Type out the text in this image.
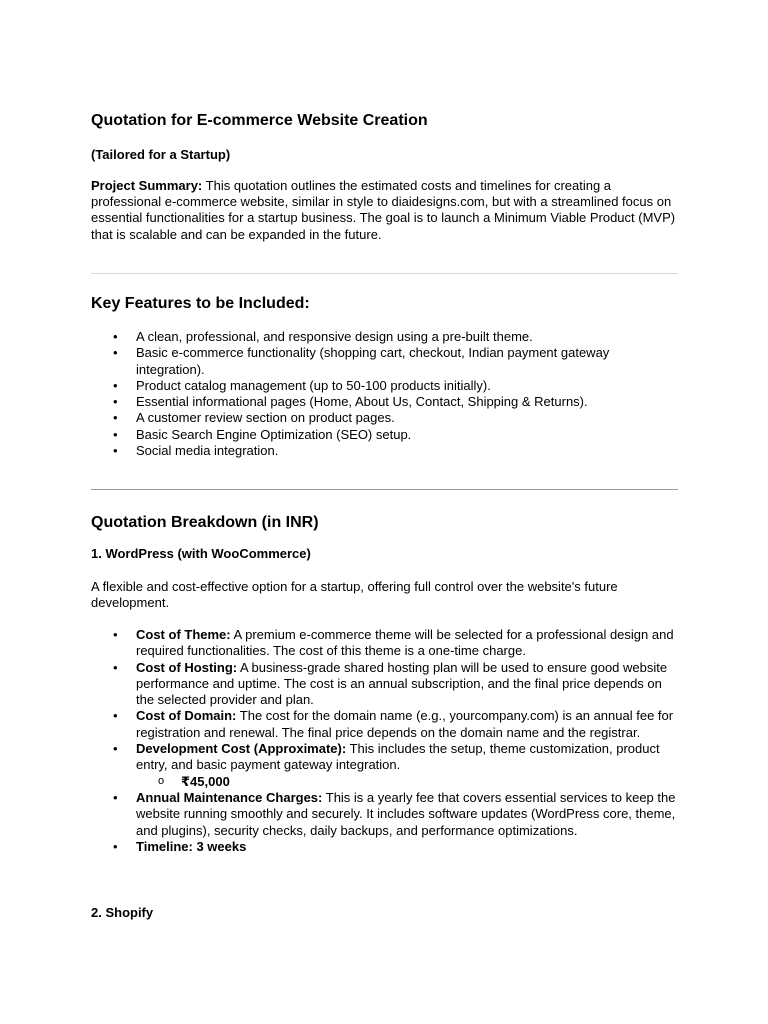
Quotation for E-commerce Website Creation

(Tailored for a Startup)

Project Summary: This quotation outlines the estimated costs and timelines for creating a professional e-commerce website, similar in style to diaidesigns.com, but with a streamlined focus on essential functionalities for a startup business. The goal is to launch a Minimum Viable Product (MVP) that is scalable and can be expanded in the future.

Key Features to be Included:
• A clean, professional, and responsive design using a pre-built theme.
• Basic e-commerce functionality (shopping cart, checkout, Indian payment gateway integration).
• Product catalog management (up to 50-100 products initially).
• Essential informational pages (Home, About Us, Contact, Shipping & Returns).
• A customer review section on product pages.
• Basic Search Engine Optimization (SEO) setup.
• Social media integration.
Quotation Breakdown (in INR)

1. WordPress (with WooCommerce)

A flexible and cost-effective option for a startup, offering full control over the website's future development.

• Cost of Theme: A premium e-commerce theme will be selected for a professional design and required functionalities. The cost of this theme is a one-time charge.
• Cost of Hosting: A business-grade shared hosting plan will be used to ensure good website performance and uptime. The cost is an annual subscription, and the final price depends on the selected provider and plan.
• Cost of Domain: The cost for the domain name (e.g., yourcompany.com) is an annual fee for registration and renewal. The final price depends on the domain name and the registrar.
• Development Cost (Approximate): This includes the setup, theme customization, product entry, and basic payment gateway integration.
o ₹45,000
• Annual Maintenance Charges: This is a yearly fee that covers essential services to keep the website running smoothly and securely. It includes software updates (WordPress core, theme, and plugins), security checks, daily backups, and performance optimizations.
• Timeline: 3 weeks

2. Shopify
